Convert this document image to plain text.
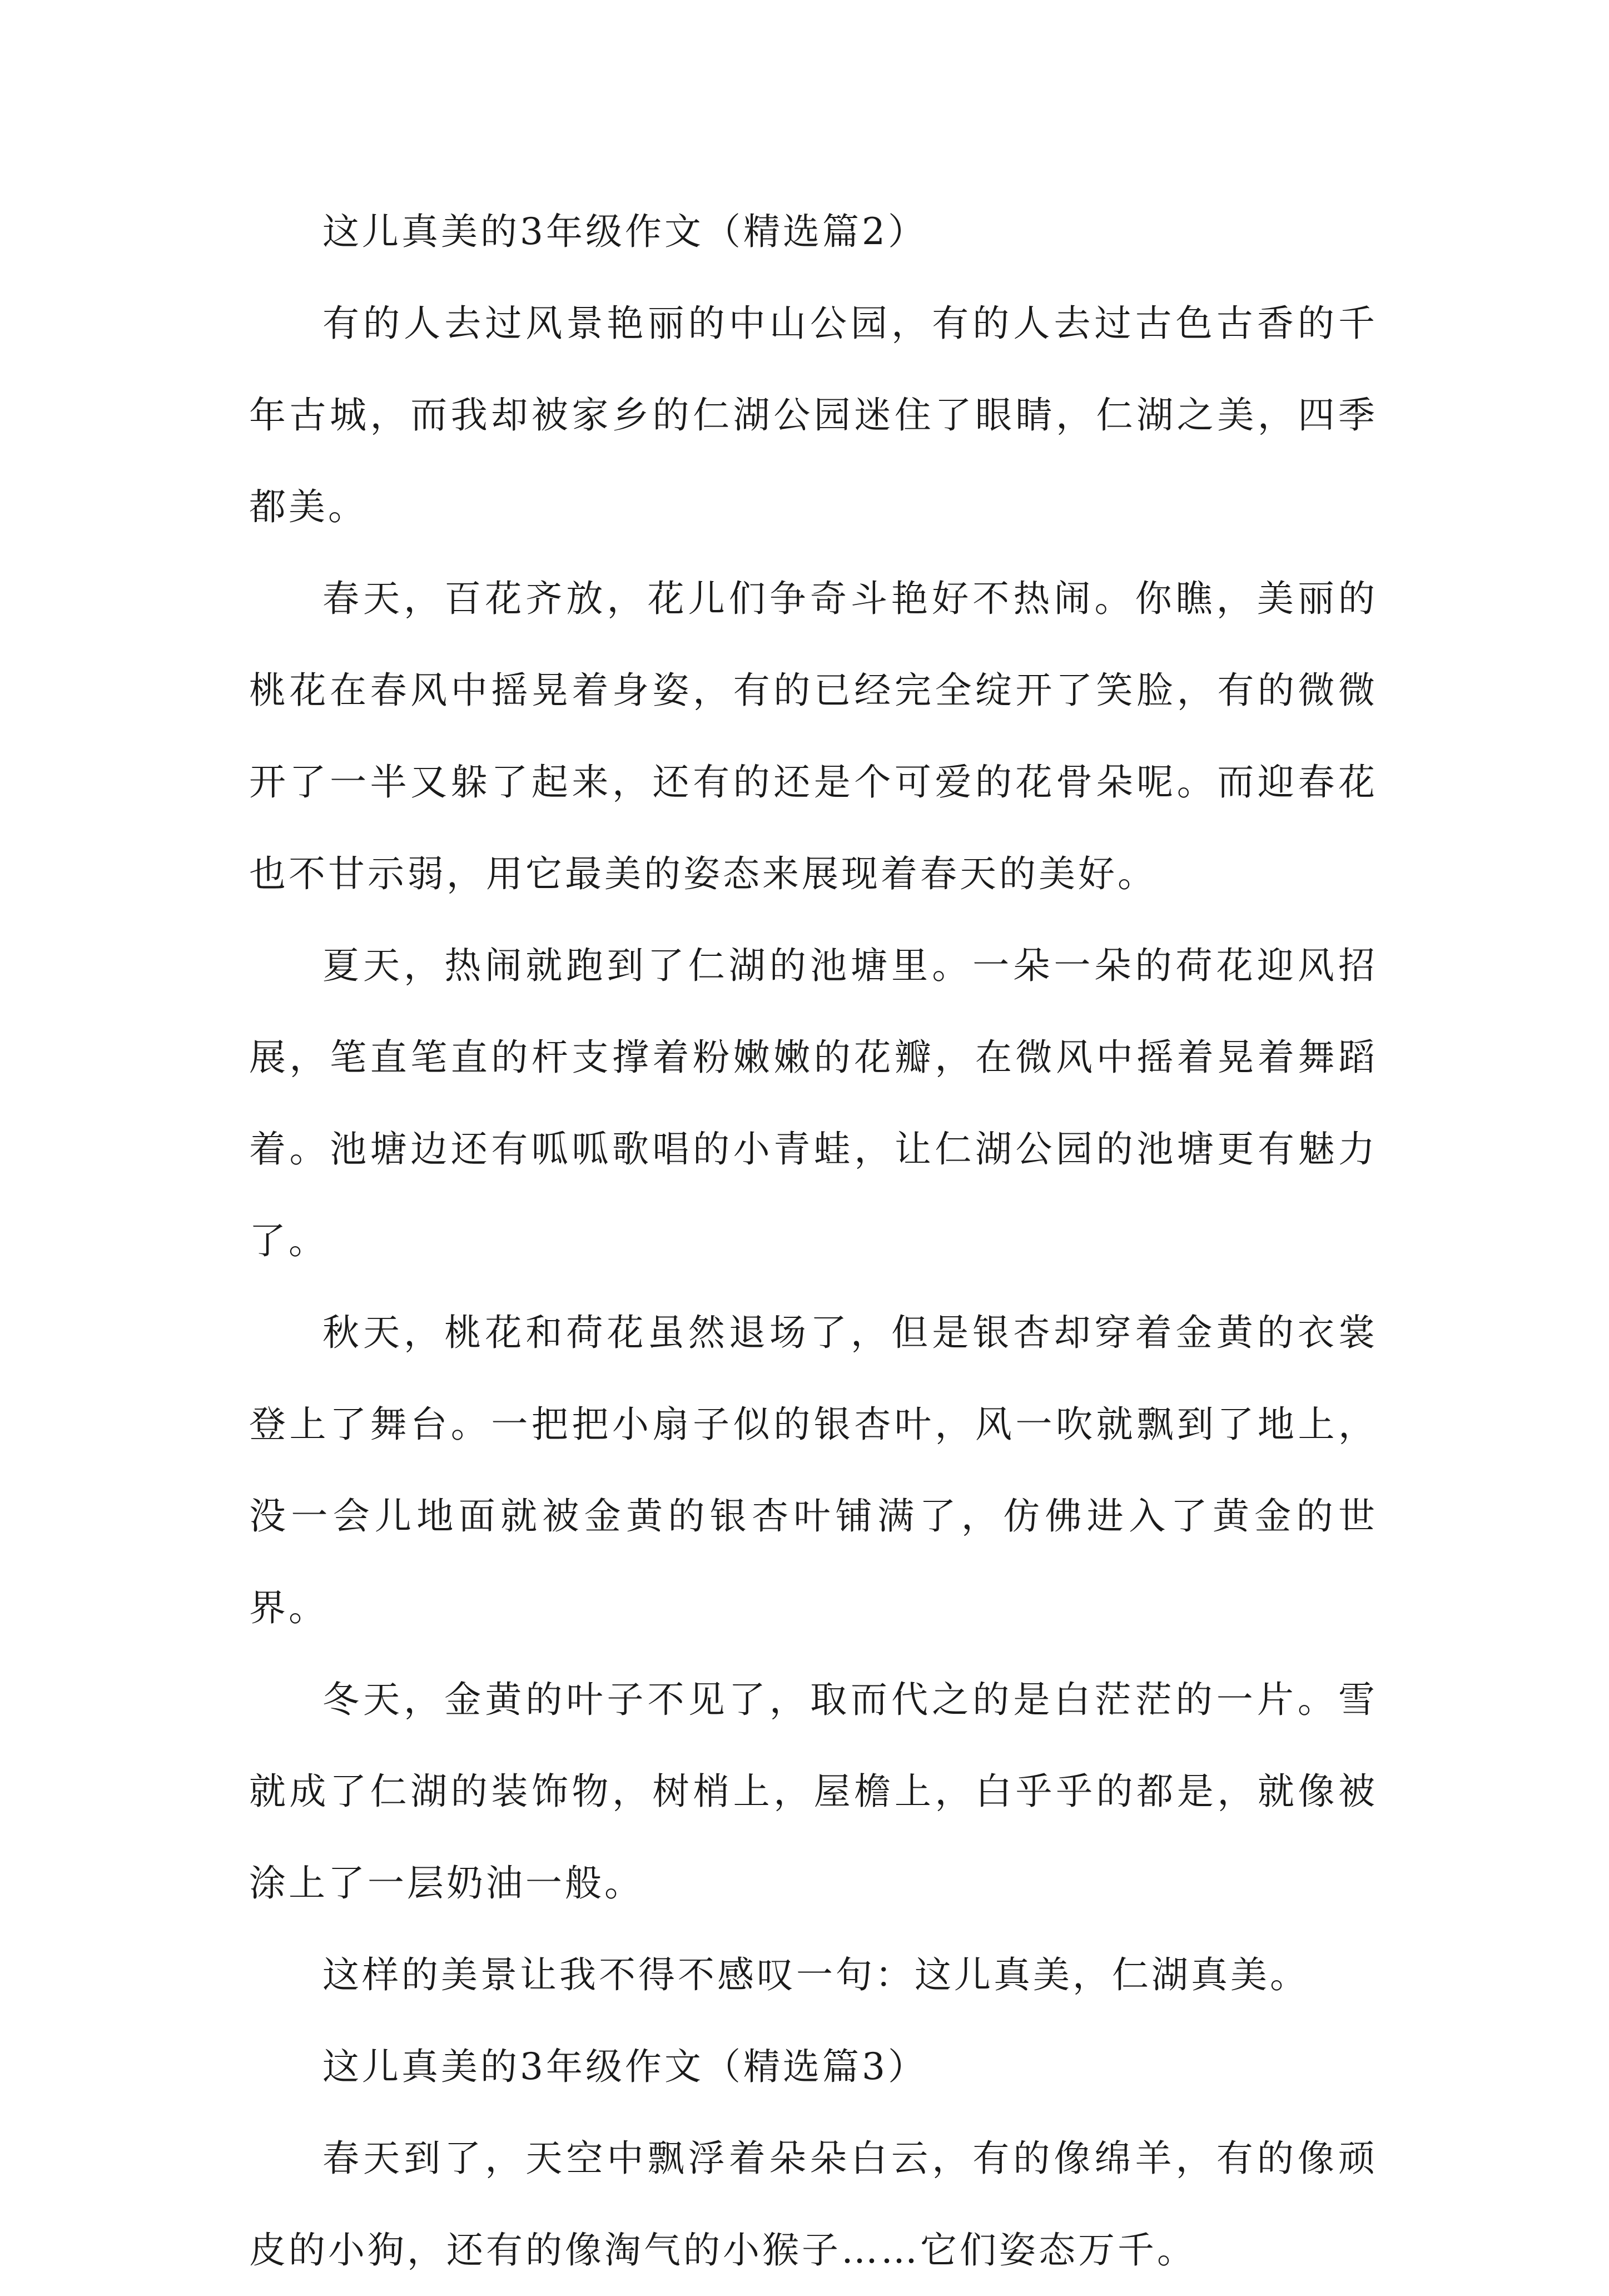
这儿真美的3年级作文（精选篇2）

有的人去过风景艳丽的中山公园，有的人去过古色古香的千年古城，而我却被家乡的仁湖公园迷住了眼睛，仁湖之美，四季都美。

春天，百花齐放，花儿们争奇斗艳好不热闹。你瞧，美丽的桃花在春风中摇晃着身姿，有的已经完全绽开了笑脸，有的微微开了一半又躲了起来，还有的还是个可爱的花骨朵呢。而迎春花也不甘示弱，用它最美的姿态来展现着春天的美好。

夏天，热闹就跑到了仁湖的池塘里。一朵一朵的荷花迎风招展，笔直笔直的杆支撑着粉嫩嫩的花瓣，在微风中摇着晃着舞蹈着。池塘边还有呱呱歌唱的小青蛙，让仁湖公园的池塘更有魅力了。

秋天，桃花和荷花虽然退场了，但是银杏却穿着金黄的衣裳登上了舞台。一把把小扇子似的银杏叶，风一吹就飘到了地上，没一会儿地面就被金黄的银杏叶铺满了，仿佛进入了黄金的世界。

冬天，金黄的叶子不见了，取而代之的是白茫茫的一片。雪就成了仁湖的装饰物，树梢上，屋檐上，白乎乎的都是，就像被涂上了一层奶油一般。

这样的美景让我不得不感叹一句：这儿真美，仁湖真美。

这儿真美的3年级作文（精选篇3）

春天到了，天空中飘浮着朵朵白云，有的像绵羊，有的像顽皮的小狗，还有的像淘气的小猴子……它们姿态万千。
